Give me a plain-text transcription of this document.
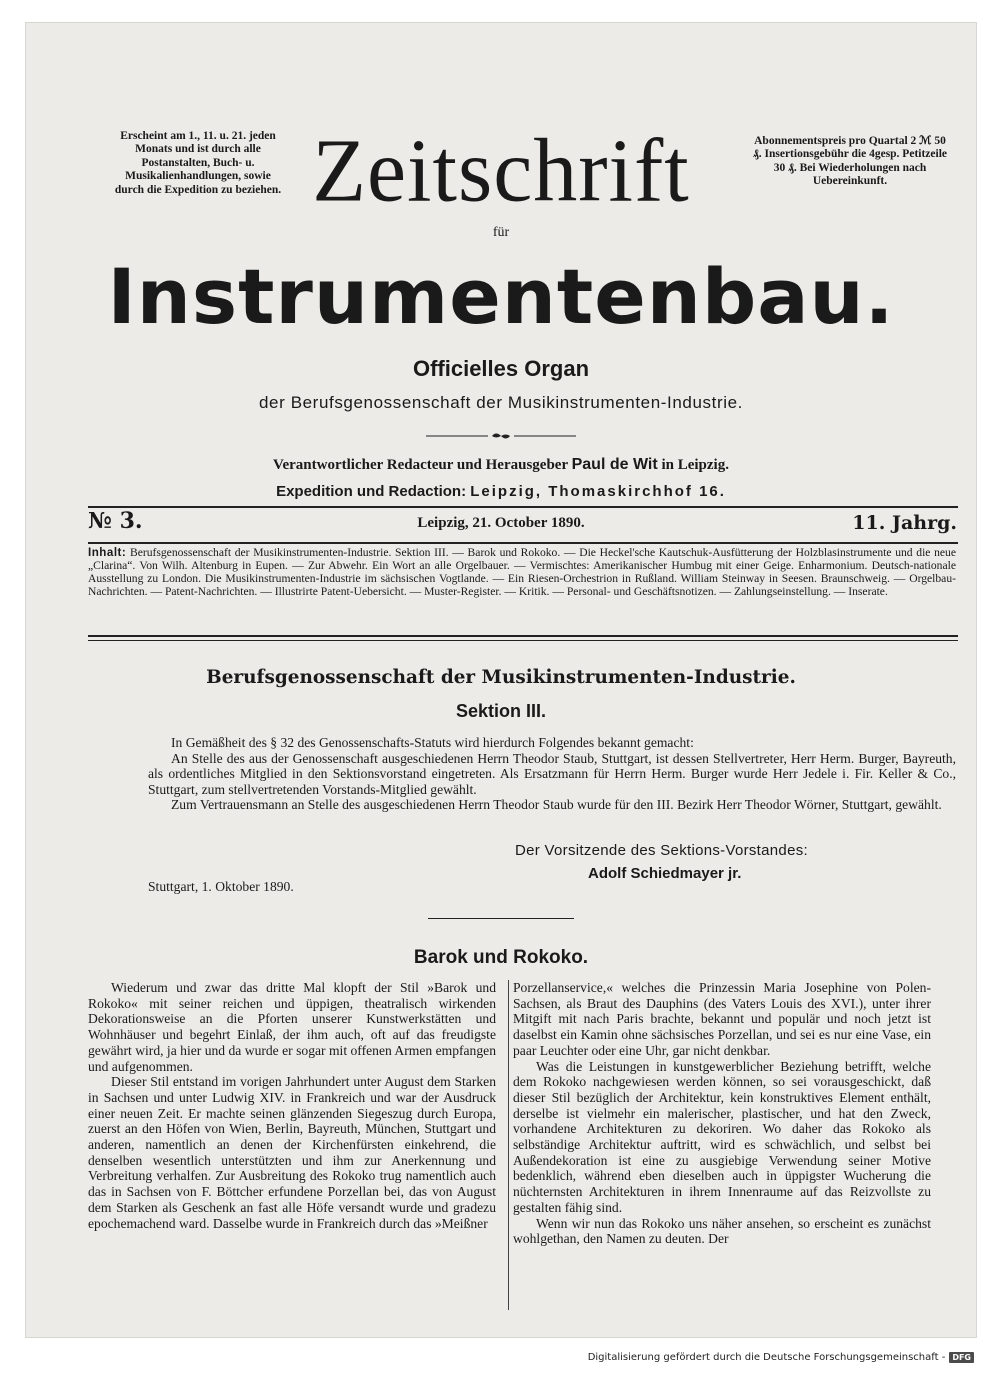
Erscheint am 1., 11. u. 21. jeden Monats und ist durch alle Postanstalten, Buch- u. Musikalienhandlungen, sowie durch die Expedition zu beziehen.
Abonnementspreis pro Quartal 2 ℳ 50 ₰. Insertionsgebühr die 4gesp. Petitzeile 30 ₰. Bei Wiederholungen nach Uebereinkunft.
Zeitschrift
für
Instrumentenbau.
Officielles Organ
der Berufsgenossenschaft der Musikinstrumenten-Industrie.
Verantwortlicher Redacteur und Herausgeber Paul de Wit in Leipzig.
Expedition und Redaction: Leipzig, Thomaskirchhof 16.
№ 3.	Leipzig, 21. October 1890.	11. Jahrg.
Inhalt: Berufsgenossenschaft der Musikinstrumenten-Industrie. Sektion III. — Barok und Rokoko. — Die Heckel'sche Kautschuk-Ausfütterung der Holzblasinstrumente und die neue „Clarina“. Von Wilh. Altenburg in Eupen. — Zur Abwehr. Ein Wort an alle Orgelbauer. — Vermischtes: Amerikanischer Humbug mit einer Geige. Enharmonium. Deutsch-nationale Ausstellung zu London. Die Musikinstrumenten-Industrie im sächsischen Vogtlande. — Ein Riesen-Orchestrion in Rußland. William Steinway in Seesen. Braunschweig. — Orgelbau-Nachrichten. — Patent-Nachrichten. — Illustrirte Patent-Uebersicht. — Muster-Register. — Kritik. — Personal- und Geschäftsnotizen. — Zahlungseinstellung. — Inserate.
Berufsgenossenschaft der Musikinstrumenten-Industrie.
Sektion III.

In Gemäßheit des § 32 des Genossenschafts-Statuts wird hierdurch Folgendes bekannt gemacht:

An Stelle des aus der Genossenschaft ausgeschiedenen Herrn Theodor Staub, Stuttgart, ist dessen Stellvertreter, Herr Herm. Burger, Bayreuth, als ordentliches Mitglied in den Sektionsvorstand eingetreten. Als Ersatzmann für Herrn Herm. Burger wurde Herr Jedele i. Fir. Keller & Co., Stuttgart, zum stellvertretenden Vorstands-Mitglied gewählt.

Zum Vertrauensmann an Stelle des ausgeschiedenen Herrn Theodor Staub wurde für den III. Bezirk Herr Theodor Wörner, Stuttgart, gewählt.

Der Vorsitzende des Sektions-Vorstandes:
Adolf Schiedmayer jr.
Stuttgart, 1. Oktober 1890.
Barok und Rokoko.

Wiederum und zwar das dritte Mal klopft der Stil »Barok und Rokoko« mit seiner reichen und üppigen, theatralisch wirkenden Dekorationsweise an die Pforten unserer Kunstwerkstätten und Wohnhäuser und begehrt Einlaß, der ihm auch, oft auf das freudigste gewährt wird, ja hier und da wurde er sogar mit offenen Armen empfangen und aufgenommen.

Dieser Stil entstand im vorigen Jahrhundert unter August dem Starken in Sachsen und unter Ludwig XIV. in Frankreich und war der Ausdruck einer neuen Zeit. Er machte seinen glänzenden Siegeszug durch Europa, zuerst an den Höfen von Wien, Berlin, Bayreuth, München, Stuttgart und anderen, namentlich an denen der Kirchenfürsten einkehrend, die denselben wesentlich unterstützten und ihm zur Anerkennung und Verbreitung verhalfen. Zur Ausbreitung des Rokoko trug namentlich auch das in Sachsen von F. Böttcher erfundene Porzellan bei, das von August dem Starken als Geschenk an fast alle Höfe versandt wurde und gradezu epochemachend ward. Dasselbe wurde in Frankreich durch das »Meißner

Porzellanservice,« welches die Prinzessin Maria Josephine von Polen-Sachsen, als Braut des Dauphins (des Vaters Louis des XVI.), unter ihrer Mitgift mit nach Paris brachte, bekannt und populär und noch jetzt ist daselbst ein Kamin ohne sächsisches Porzellan, und sei es nur eine Vase, ein paar Leuchter oder eine Uhr, gar nicht denkbar.

Was die Leistungen in kunstgewerblicher Beziehung betrifft, welche dem Rokoko nachgewiesen werden können, so sei vorausgeschickt, daß dieser Stil bezüglich der Architektur, kein konstruktives Element enthält, derselbe ist vielmehr ein malerischer, plastischer, und hat den Zweck, vorhandene Architekturen zu dekoriren. Wo daher das Rokoko als selbständige Architektur auftritt, wird es schwächlich, und selbst bei Außendekoration ist eine zu ausgiebige Verwendung seiner Motive bedenklich, während eben dieselben auch in üppigster Wucherung die nüchternsten Architekturen in ihrem Innenraume auf das Reizvollste zu gestalten fähig sind.

Wenn wir nun das Rokoko uns näher ansehen, so erscheint es zunächst wohlgethan, den Namen zu deuten. Der

Digitalisierung gefördert durch die Deutsche Forschungsgemeinschaft - DFG
